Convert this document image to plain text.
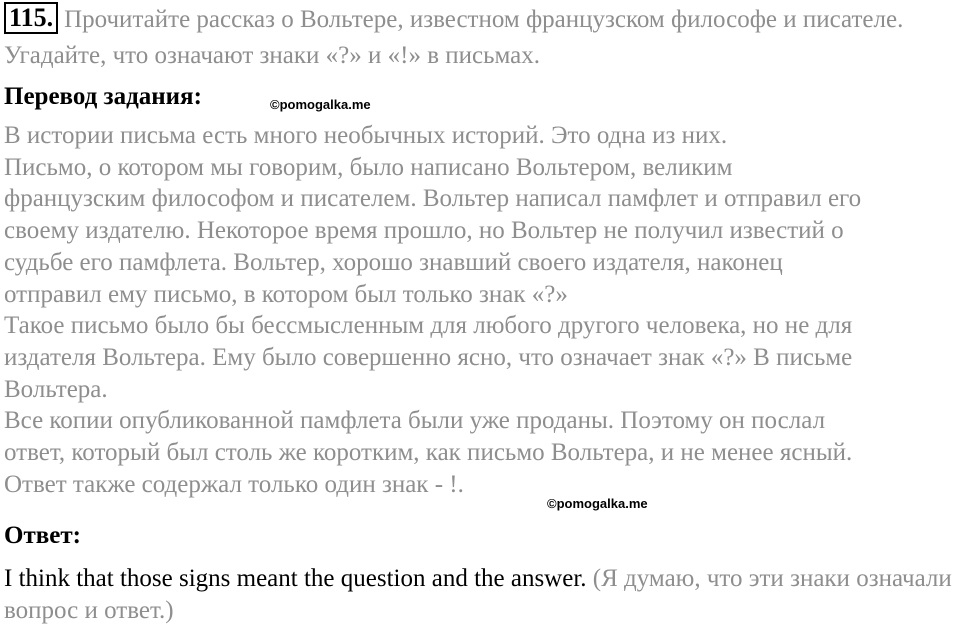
115. Прочитайте рассказ о Вольтере, известном французском философе и писателе. Угадайте, что означают знаки «?» и «!» в письмах.
Перевод задания:	©pomogalka.me
В истории письма есть много необычных историй. Это одна из них.
Письмо, о котором мы говорим, было написано Вольтером, великим
французским философом и писателем. Вольтер написал памфлет и отправил его
своему издателю. Некоторое время прошло, но Вольтер не получил известий о
судьбе его памфлета. Вольтер, хорошо знавший своего издателя, наконец
отправил ему письмо, в котором был только знак «?»
Такое письмо было бы бессмысленным для любого другого человека, но не для
издателя Вольтера. Ему было совершенно ясно, что означает знак «?» В письме
Вольтера.
Все копии опубликованной памфлета были уже проданы. Поэтому он послал
ответ, который был столь же коротким, как письмо Вольтера, и не менее ясный.
Ответ также содержал только один знак - !.
©pomogalka.me
Ответ:
I think that those signs meant the question and the answer. (Я думаю, что эти знаки означали вопрос и ответ.)
